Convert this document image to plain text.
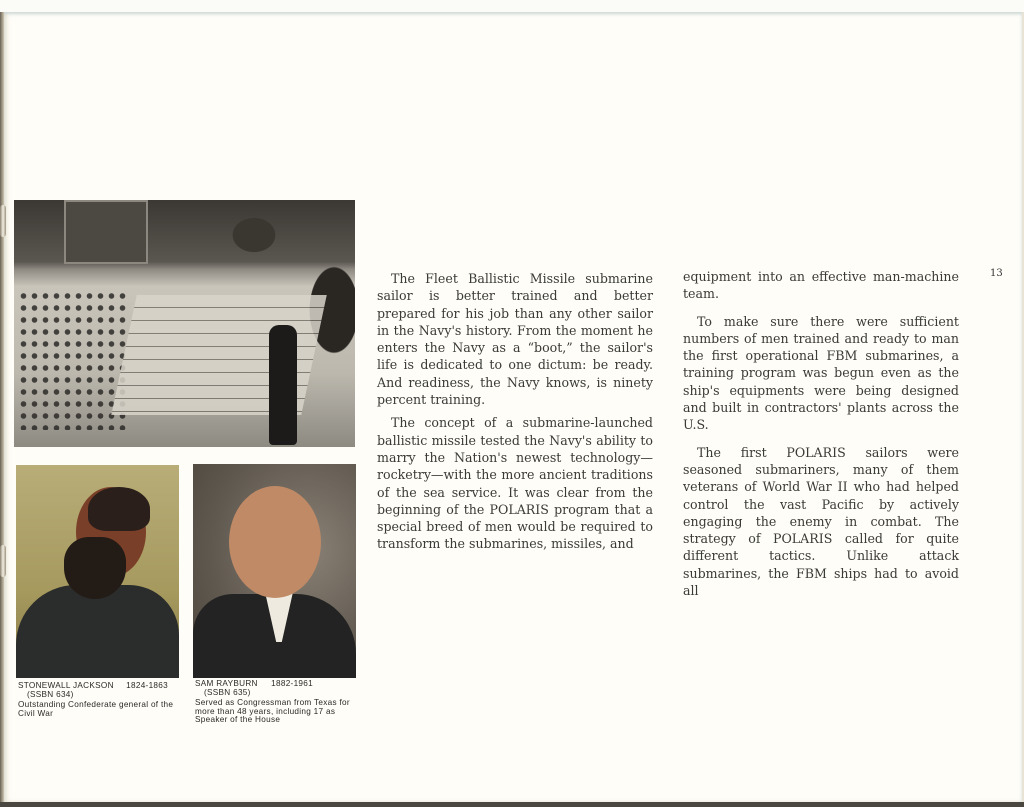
STONEWALL JACKSON 1824-1863
(SSBN 634)
Outstanding Confederate general of the Civil War
SAM RAYBURN 1882-1961
(SSBN 635)
Served as Congressman from Texas for more than 48 years, including 17 as Speaker of the House

The Fleet Ballistic Missile submarine sailor is better trained and better prepared for his job than any other sailor in the Navy's history. From the moment he enters the Navy as a “boot,” the sailor's life is dedicated to one dictum: be ready. And readiness, the Navy knows, is ninety percent training.

The concept of a submarine-launched ballistic missile tested the Navy's ability to marry the Nation's newest technology—rocketry—with the more ancient traditions of the sea service. It was clear from the beginning of the POLARIS program that a special breed of men would be required to transform the submarines, missiles, and

equipment into an effective man-machine team.

To make sure there were sufficient numbers of men trained and ready to man the first operational FBM submarines, a training program was begun even as the ship's equipments were being designed and built in contractors' plants across the U.S.

The first POLARIS sailors were seasoned submariners, many of them veterans of World War II who had helped control the vast Pacific by actively engaging the enemy in combat. The strategy of POLARIS called for quite different tactics. Unlike attack submarines, the FBM ships had to avoid all

13
